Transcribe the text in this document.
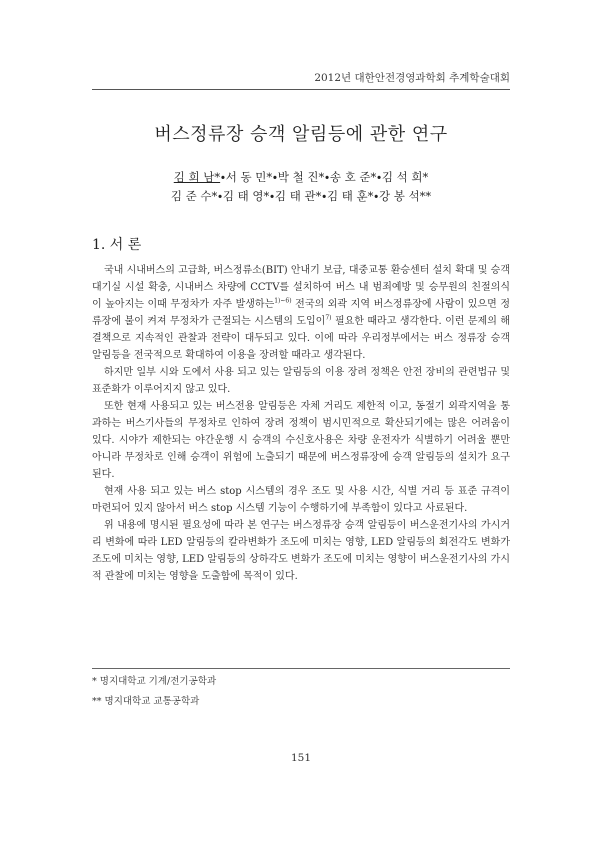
2012년 대한안전경영과학회 추계학술대회
버스정류장 승객 알림등에 관한 연구
김 희 남*∙서 동 민*∙박 철 진*∙송 호 준*∙김 석 희*
김 준 수*∙김 태 영*∙김 태 관*∙김 태 훈*∙강 봉 석**
1. 서 론

국내 시내버스의 고급화, 버스정류소(BIT) 안내기 보급, 대중교통 환승센터 설치 확대 및 승객대기실 시설 확충, 시내버스 차량에 CCTV를 설치하여 버스 내 범죄예방 및 승무원의 친절의식이 높아지는 이때 무정차가 자주 발생하는$^{1)\sim 6)}$ 전국의 외곽 지역 버스정류장에 사람이 있으면 정류장에 불이 켜져 무정차가 근절되는 시스템의 도입이$^{7)}$ 필요한 때라고 생각한다. 이런 문제의 해결책으로 지속적인 관찰과 전략이 대두되고 있다. 이에 따라 우리정부에서는 버스 정류장 승객 알림등을 전국적으로 확대하여 이용을 장려할 때라고 생각된다.

하지만 일부 시와 도에서 사용 되고 있는 알림등의 이용 장려 정책은 안전 장비의 관련법규 및 표준화가 이루어지지 않고 있다.

또한 현재 사용되고 있는 버스전용 알림등은 자체 거리도 제한적 이고, 동절기 외곽지역을 통과하는 버스기사들의 무정차로 인하여 장려 정책이 범시민적으로 확산되기에는 많은 어려움이 있다. 시야가 제한되는 야간운행 시 승객의 수신호사용은 차량 운전자가 식별하기 어려울 뿐만 아니라 무정차로 인해 승객이 위험에 노출되기 때문에 버스정류장에 승객 알림등의 설치가 요구된다.

현재 사용 되고 있는 버스 stop 시스템의 경우 조도 및 사용 시간, 식별 거리 등 표준 규격이 마련되어 있지 않아서 버스 stop 시스템 기능이 수행하기에 부족함이 있다고 사료된다.

위 내용에 명시된 필요성에 따라 본 연구는 버스정류장 승객 알림등이 버스운전기사의 가시거리 변화에 따라 LED 알림등의 칼라변화가 조도에 미치는 영향, LED 알림등의 회전각도 변화가 조도에 미치는 영향, LED 알림등의 상하각도 변화가 조도에 미치는 영향이 버스운전기사의 가시적 관찰에 미치는 영향을 도출함에 목적이 있다.

* 명지대학교 기계/전기공학과
** 명지대학교 교통공학과
151
